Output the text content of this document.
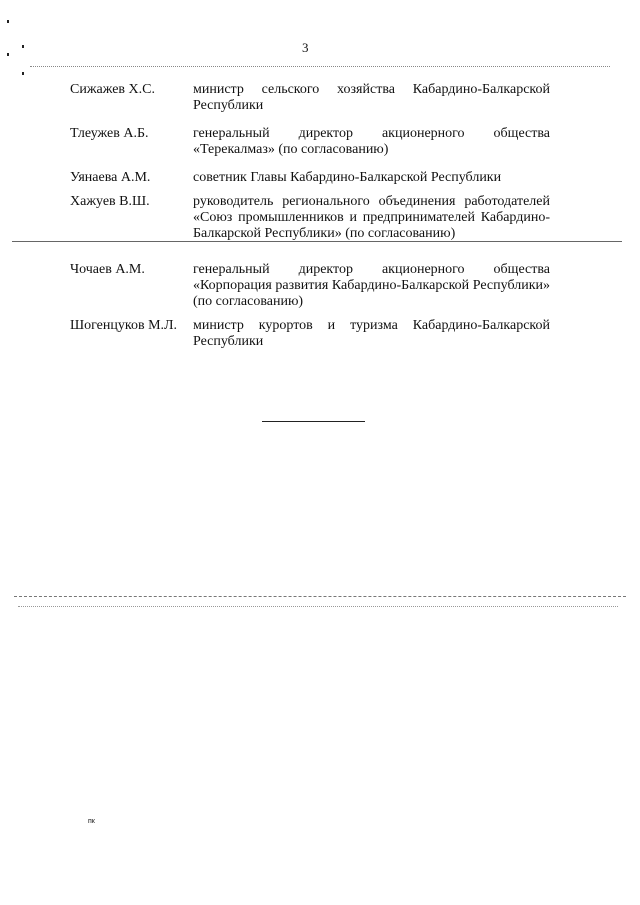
3
Сижажев Х.С.	министр сельского хозяйства Кабардино-Балкарской Республики
Тлеужев А.Б.	генеральный директор акционерного общества «Терекалмаз» (по согласованию)
Уянаева А.М.	советник Главы Кабардино-Балкарской Республики
Хажуев В.Ш.	руководитель регионального объединения работодателей «Союз промышленников и предпринимателей Кабардино-Балкарской Республики» (по согласованию)
Чочаев А.М.	генеральный директор акционерного общества «Корпорация развития Кабардино-Балкарской Республики» (по согласованию)
Шогенцуков М.Л.	министр курортов и туризма Кабардино-Балкарской Республики
пк
